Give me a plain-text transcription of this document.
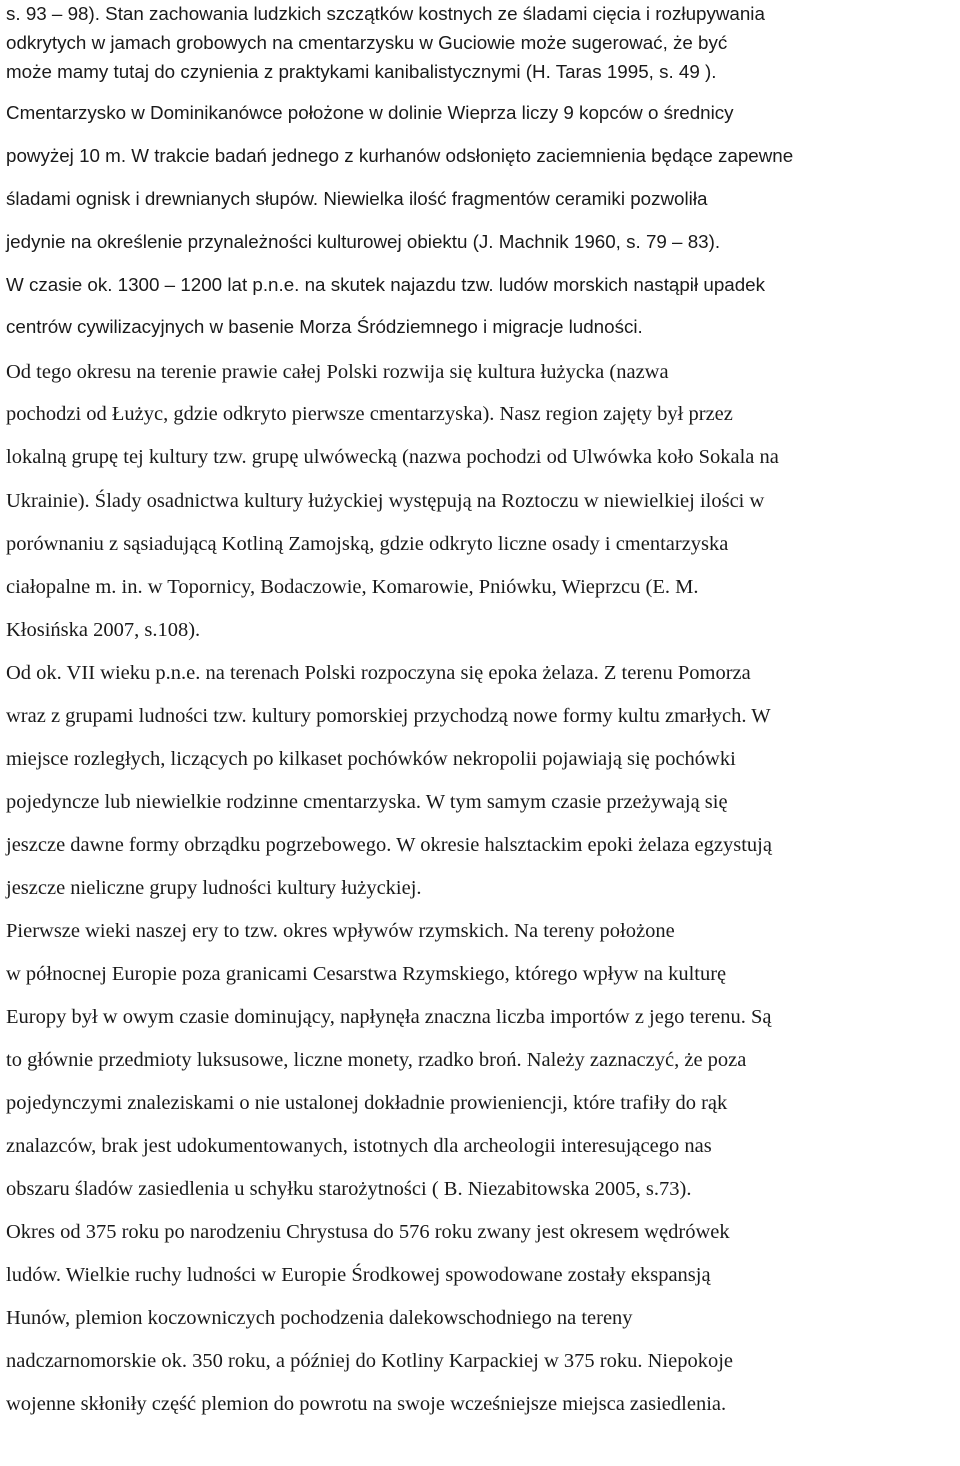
s. 93 – 98). Stan zachowania ludzkich szczątków kostnych ze śladami cięcia i rozłupywania
odkrytych w jamach grobowych na cmentarzysku w Guciowie może sugerować, że być
może mamy tutaj do czynienia z praktykami kanibalistycznymi (H. Taras 1995, s. 49 ).
Cmentarzysko w Dominikanówce położone w dolinie Wieprza liczy 9 kopców o średnicy
powyżej 10 m. W trakcie badań jednego z kurhanów odsłonięto zaciemnienia będące zapewne
śladami ognisk i drewnianych słupów. Niewielka ilość fragmentów ceramiki pozwoliła
jedynie na określenie przynależności kulturowej obiektu (J. Machnik 1960, s. 79 – 83).
W czasie ok. 1300 – 1200 lat p.n.e. na skutek najazdu tzw. ludów morskich nastąpił upadek
centrów cywilizacyjnych w basenie Morza Śródziemnego i migracje ludności.
Od tego okresu na terenie prawie całej Polski rozwija się kultura łużycka (nazwa
pochodzi od Łużyc, gdzie odkryto pierwsze cmentarzyska). Nasz region zajęty był przez
lokalną grupę tej kultury tzw. grupę ulwówecką (nazwa pochodzi od Ulwówka koło Sokala na
Ukrainie). Ślady osadnictwa kultury łużyckiej występują na Roztoczu w niewielkiej ilości w
porównaniu z sąsiadującą Kotliną Zamojską, gdzie odkryto liczne osady i cmentarzyska
ciałopalne m. in. w Topornicy, Bodaczowie, Komarowie, Pniówku, Wieprzcu (E. M.
Kłosińska 2007, s.108).
Od ok. VII wieku p.n.e. na terenach Polski rozpoczyna się epoka żelaza. Z terenu Pomorza
wraz z grupami ludności tzw. kultury pomorskiej przychodzą nowe formy kultu zmarłych. W
miejsce rozległych, liczących po kilkaset pochówków nekropolii pojawiają się pochówki
pojedyncze lub niewielkie rodzinne cmentarzyska. W tym samym czasie przeżywają się
jeszcze dawne formy obrządku pogrzebowego. W okresie halsztackim epoki żelaza egzystują
jeszcze nieliczne grupy ludności kultury łużyckiej.
Pierwsze wieki naszej ery to tzw. okres wpływów rzymskich. Na tereny położone
w północnej Europie poza granicami Cesarstwa Rzymskiego, którego wpływ na kulturę
Europy był w owym czasie dominujący, napłynęła znaczna liczba importów z jego terenu. Są
to głównie przedmioty luksusowe, liczne monety, rzadko broń. Należy zaznaczyć, że poza
pojedynczymi znaleziskami o nie ustalonej dokładnie prowieniencji, które trafiły do rąk
znalazców, brak jest udokumentowanych, istotnych dla archeologii interesującego nas
obszaru śladów zasiedlenia u schyłku starożytności ( B. Niezabitowska 2005, s.73).
Okres od 375 roku po narodzeniu Chrystusa do 576 roku zwany jest okresem wędrówek
ludów. Wielkie ruchy ludności w Europie Środkowej spowodowane zostały ekspansją
Hunów, plemion koczowniczych pochodzenia dalekowschodniego na tereny
nadczarnomorskie ok. 350 roku, a później do Kotliny Karpackiej w 375 roku. Niepokoje
wojenne skłoniły część plemion do powrotu na swoje wcześniejsze miejsca zasiedlenia.
